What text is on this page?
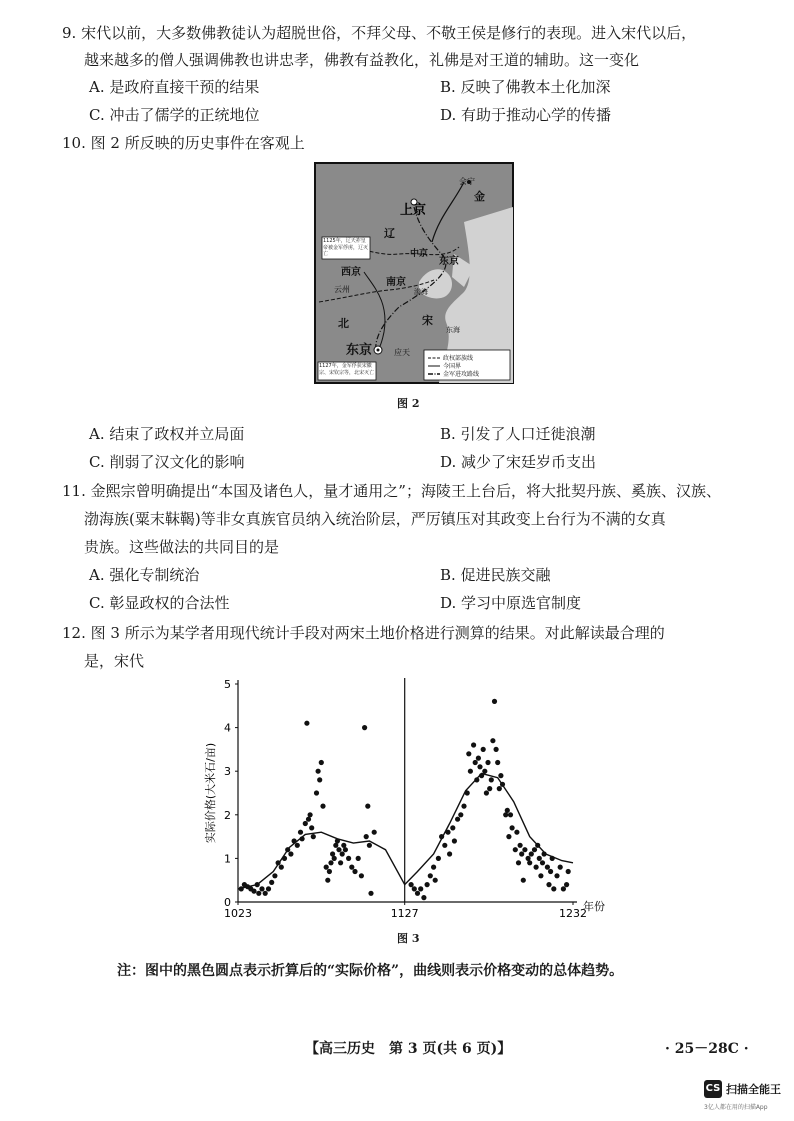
9. 宋代以前，大多数佛教徒认为超脱世俗，不拜父母、不敬王侯是修行的表现。进入宋代以后，
越来越多的僧人强调佛教也讲忠孝，佛教有益教化，礼佛是对王道的辅助。这一变化
A. 是政府直接干预的结果	B. 反映了佛教本土化加深
C. 冲击了儒学的正统地位	D. 有助于推动心学的传播
10. 图 2 所反映的历史事件在客观上
会宁
金
上京
辽
中京
东京
西京
南京
渤海
云州
北	宋
东海
东京	应天
政权部族线
今国界
金军进攻路线
1125年，辽天祚皇帝被金军俘虏，辽灭亡
1127年，金军俘获宋徽宗、宋钦宗等，北宋灭亡
图 2
A. 结束了政权并立局面	B. 引发了人口迁徙浪潮
C. 削弱了汉文化的影响	D. 减少了宋廷岁币支出
11. 金熙宗曾明确提出“本国及诸色人，量才通用之”；海陵王上台后，将大批契丹族、奚族、汉族、
渤海族(粟末靺鞨)等非女真族官员纳入统治阶层，严厉镇压对其政变上台行为不满的女真
贵族。这些做法的共同目的是
A. 强化专制统治	B. 促进民族交融
C. 彰显政权的合法性	D. 学习中原选官制度
12. 图 3 所示为某学者用现代统计手段对两宋土地价格进行测算的结果。对此解读最合理的
是，宋代
0
1
2
3
4
5
1023	1127	1232
年份
实际价格(大米石/亩)
图 3
注：图中的黑色圆点表示折算后的“实际价格”，曲线则表示价格变动的总体趋势。
【高三历史　第 3 页(共 6 页)】	· 25－28C ·
CS 扫描全能王
3亿人都在用的扫描App
